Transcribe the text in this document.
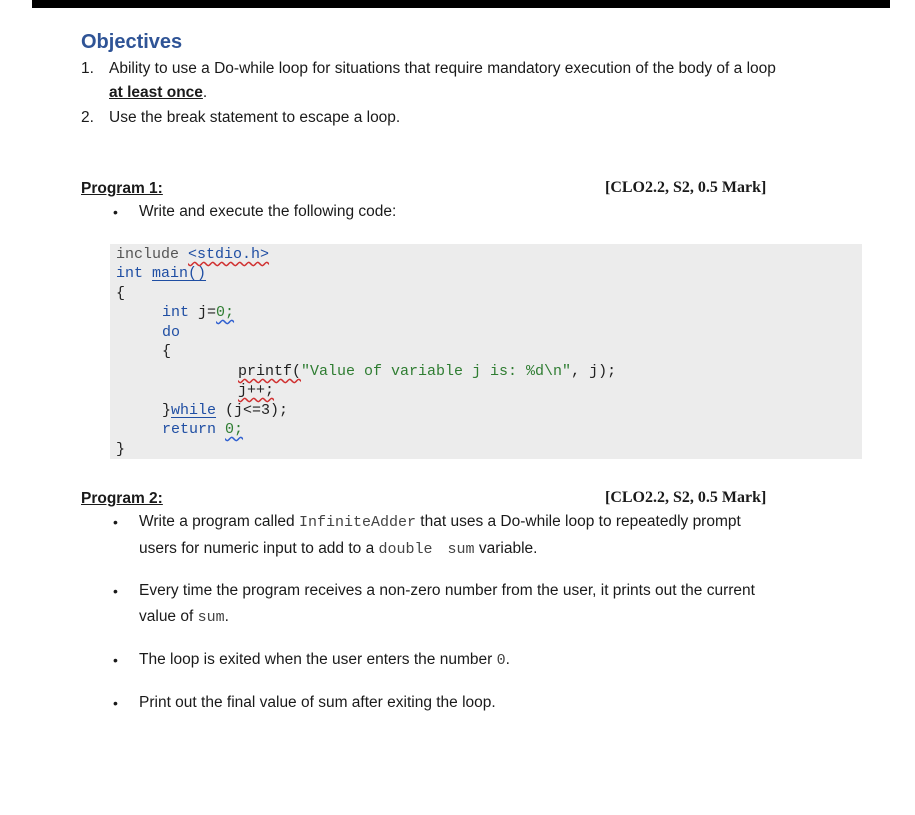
Objectives
1. Ability to use a Do-while loop for situations that require mandatory execution of the body of a loop
at least once.
2. Use the break statement to escape a loop.
Program 1:	[CLO2.2, S2, 0.5 Mark]
• Write and execute the following code:
include <stdio.h>
int main()
{
int j=0;
do
{
printf("Value of variable j is: %d\n", j);
j++;
}while (j<=3);
return 0;
}
Program 2:	[CLO2.2, S2, 0.5 Mark]
• Write a program called InfiniteAdder that uses a Do-while loop to repeatedly prompt
users for numeric input to add to a double sum variable.
• Every time the program receives a non-zero number from the user, it prints out the current
value of sum.
• The loop is exited when the user enters the number 0.
• Print out the final value of sum after exiting the loop.
